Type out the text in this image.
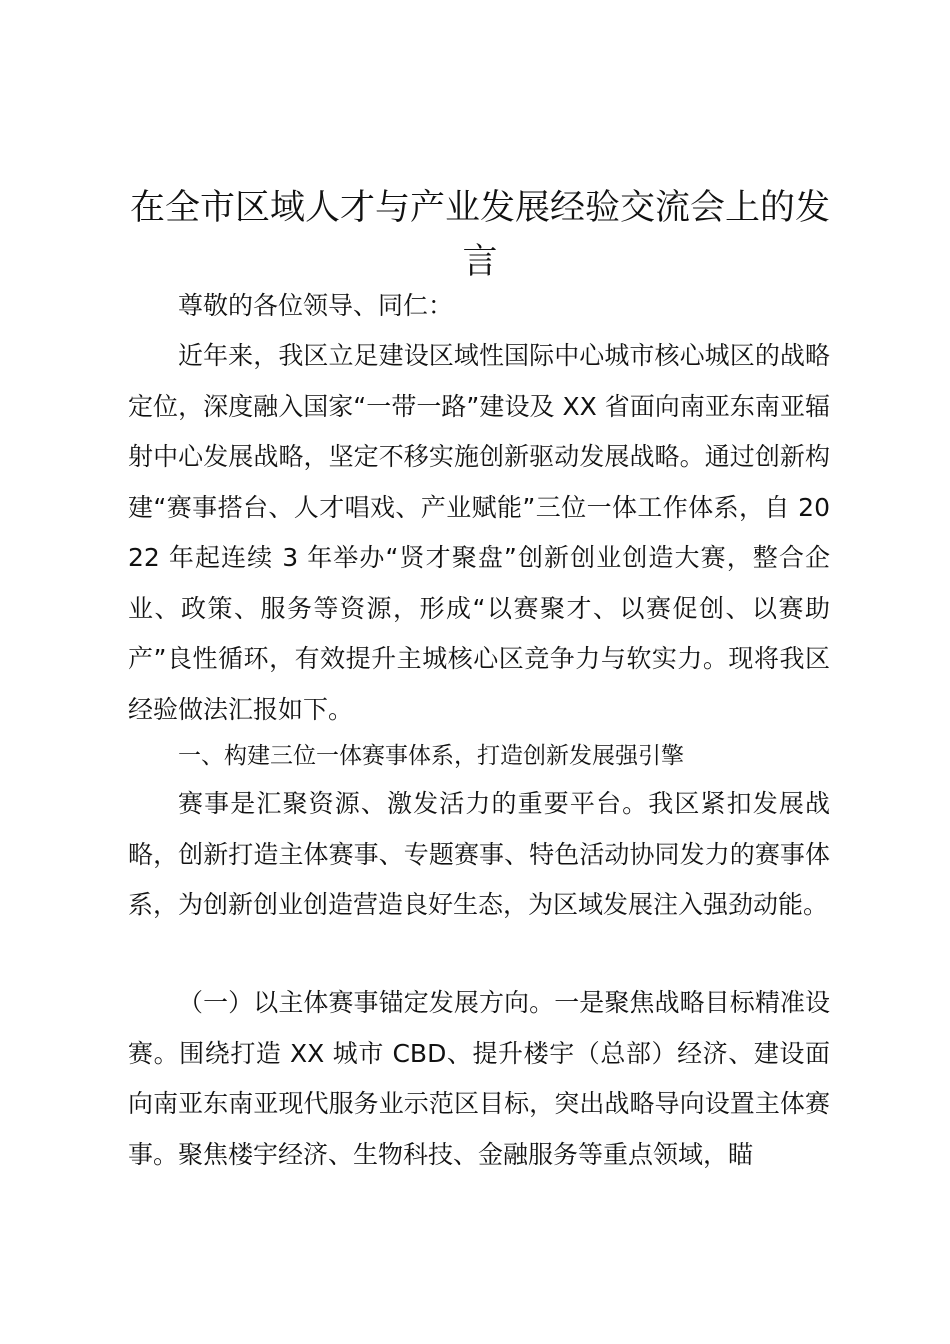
在全市区域人才与产业发展经验交流会上的发言

尊敬的各位领导、同仁：

近年来，我区立足建设区域性国际中心城市核心城区的战略定位，深度融入国家“一带一路”建设及 XX 省面向南亚东南亚辐射中心发展战略，坚定不移实施创新驱动发展战略。通过创新构建“赛事搭台、人才唱戏、产业赋能”三位一体工作体系，自 2022 年起连续 3 年举办“贤才聚盘”创新创业创造大赛，整合企业、政策、服务等资源，形成“以赛聚才、以赛促创、以赛助产”良性循环，有效提升主城核心区竞争力与软实力。现将我区经验做法汇报如下。

一、构建三位一体赛事体系，打造创新发展强引擎

赛事是汇聚资源、激发活力的重要平台。我区紧扣发展战略，创新打造主体赛事、专题赛事、特色活动协同发力的赛事体系，为创新创业创造营造良好生态，为区域发展注入强劲动能。

（一）以主体赛事锚定发展方向。一是聚焦战略目标精准设赛。围绕打造 XX 城市 CBD、提升楼宇（总部）经济、建设面向南亚东南亚现代服务业示范区目标，突出战略导向设置主体赛事。聚焦楼宇经济、生物科技、金融服务等重点领域，瞄
